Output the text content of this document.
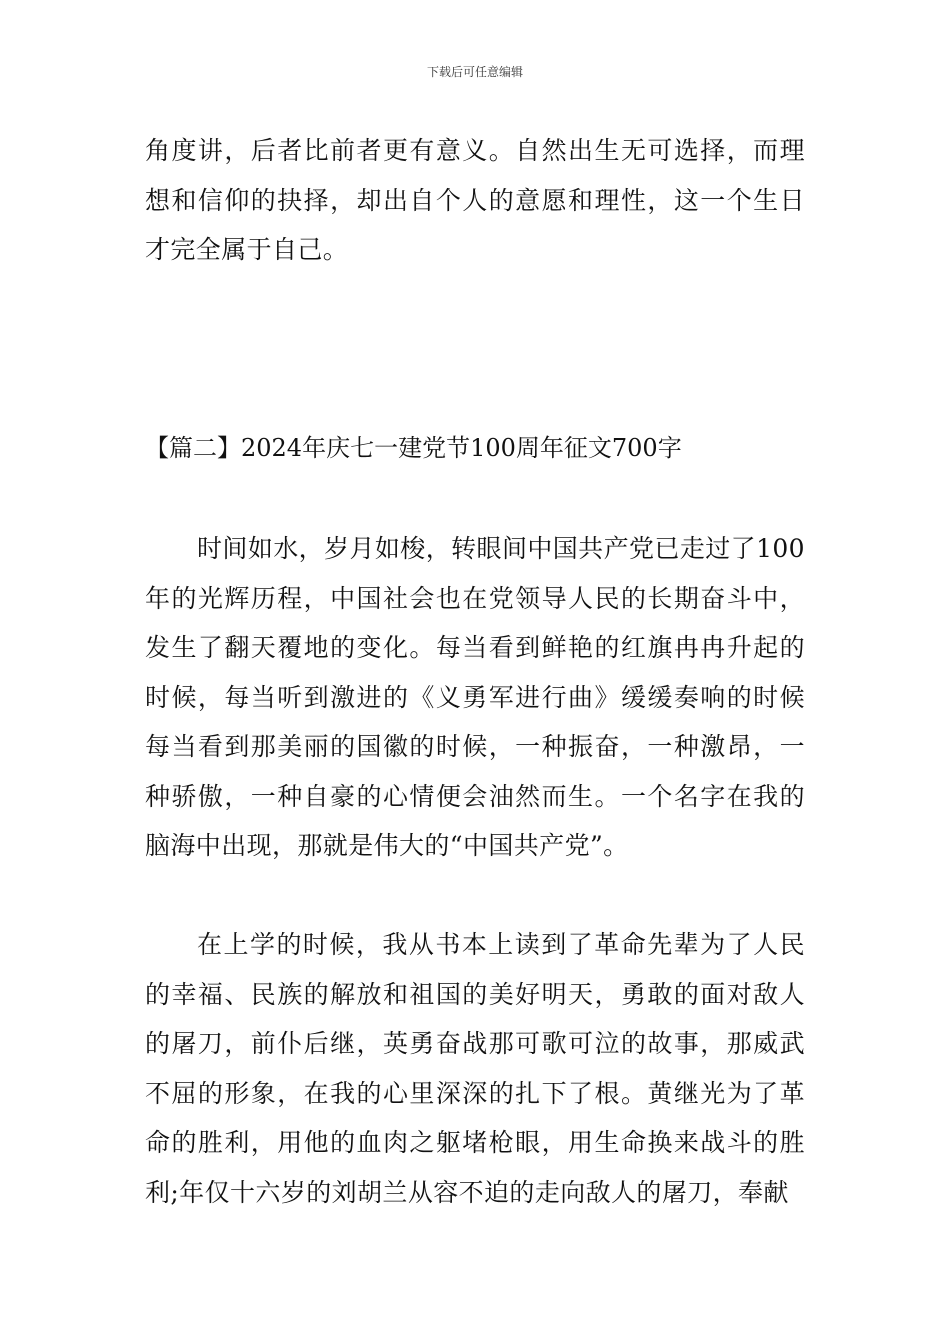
下载后可任意编辑

角度讲，后者比前者更有意义。自然出生无可选择，而理想和信仰的抉择，却出自个人的意愿和理性，这一个生日才完全属于自己。

【篇二】2024年庆七一建党节100周年征文700字

时间如水，岁月如梭，转眼间中国共产党已走过了100年的光辉历程，中国社会也在党领导人民的长期奋斗中，发生了翻天覆地的变化。每当看到鲜艳的红旗冉冉升起的时候，每当听到激进的《义勇军进行曲》缓缓奏响的时候每当看到那美丽的国徽的时候，一种振奋，一种激昂，一种骄傲，一种自豪的心情便会油然而生。一个名字在我的脑海中出现，那就是伟大的“中国共产党”。

在上学的时候，我从书本上读到了革命先辈为了人民的幸福、民族的解放和祖国的美好明天，勇敢的面对敌人的屠刀，前仆后继，英勇奋战那可歌可泣的故事，那威武不屈的形象，在我的心里深深的扎下了根。黄继光为了革命的胜利，用他的血肉之躯堵枪眼，用生命换来战斗的胜利;年仅十六岁的刘胡兰从容不迫的走向敌人的屠刀，奉献
